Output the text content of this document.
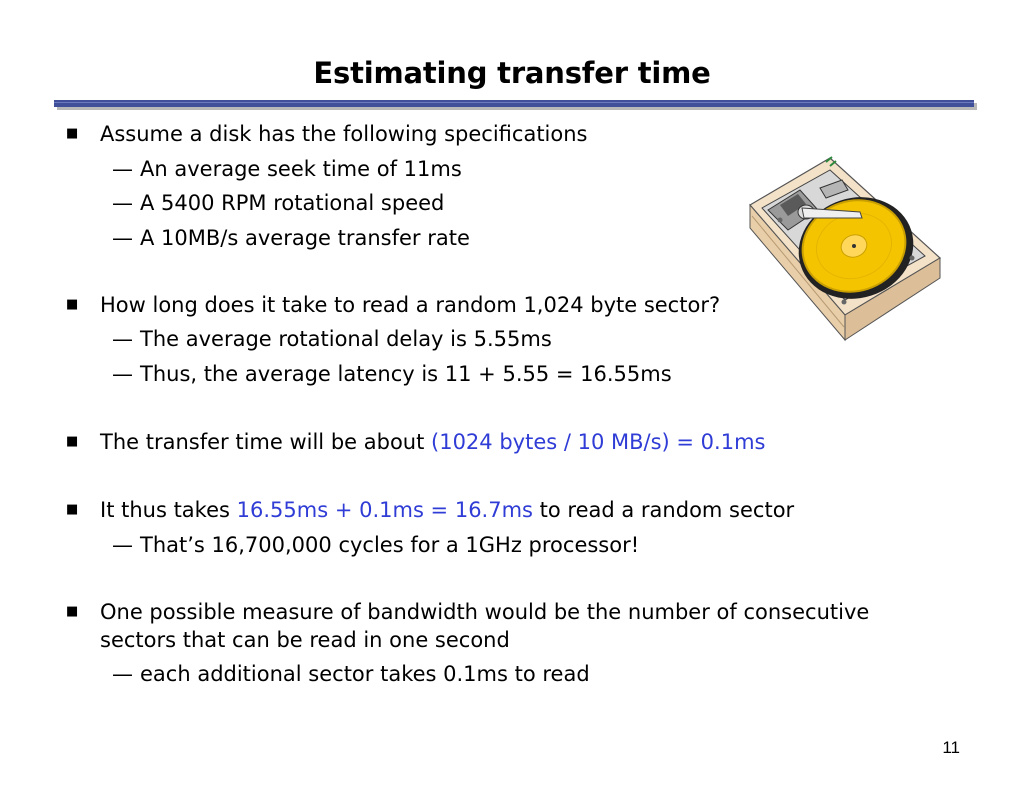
Estimating transfer time
■ Assume a disk has the following specifications
— An average seek time of 11ms
— A 5400 RPM rotational speed
— A 10MB/s average transfer rate
■ How long does it take to read a random 1,024 byte sector?
— The average rotational delay is 5.55ms
— Thus, the average latency is 11 + 5.55 = 16.55ms
■ The transfer time will be about (1024 bytes / 10 MB/s) = 0.1ms
■ It thus takes 16.55ms + 0.1ms = 16.7ms to read a random sector
— That’s 16,700,000 cycles for a 1GHz processor!
■ One possible measure of bandwidth would be the number of consecutive
sectors that can be read in one second
— each additional sector takes 0.1ms to read
11
